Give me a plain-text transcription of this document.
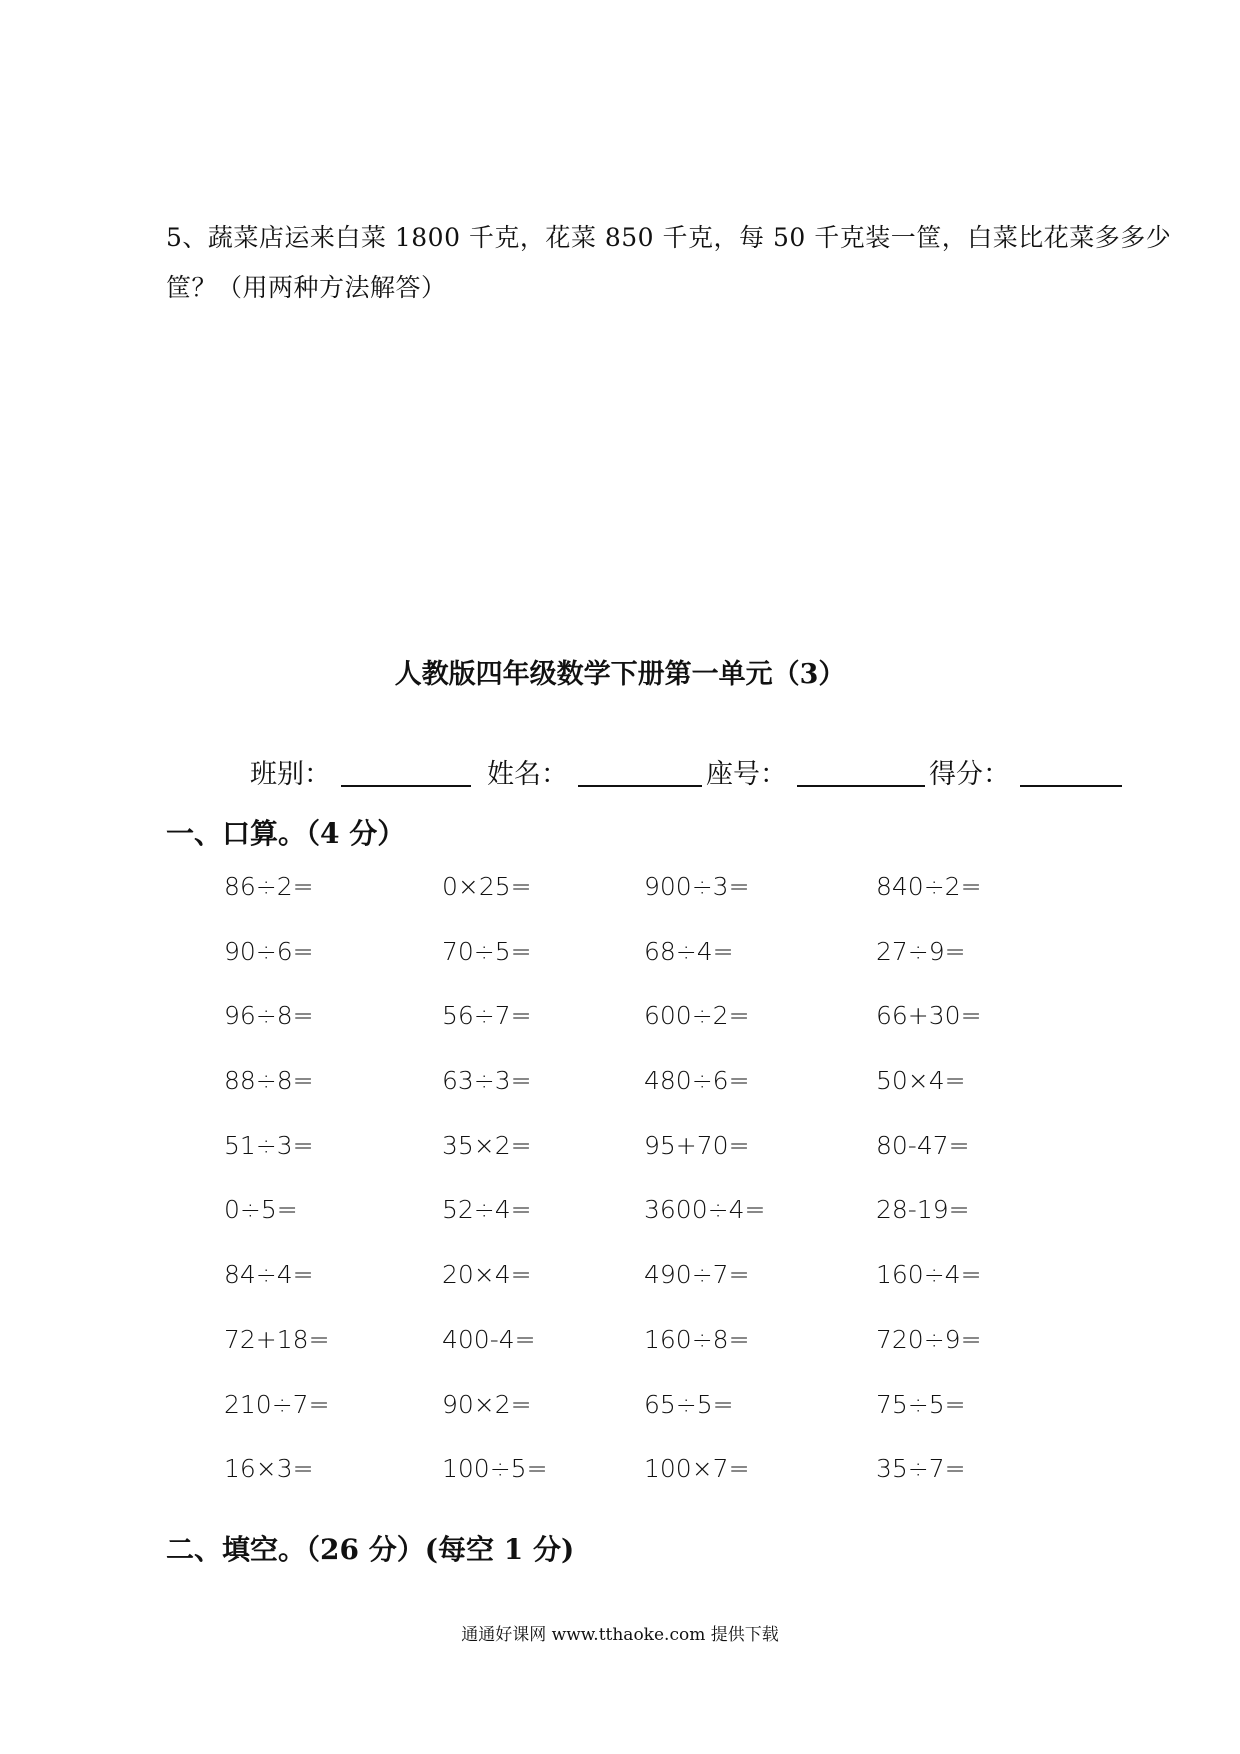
5、蔬菜店运来白菜 1800 千克，花菜 850 千克，每 50 千克装一筐，白菜比花菜多多少
筐？（用两种方法解答）
人教版四年级数学下册第一单元（3）
班别：	姓名：	座号：	得分：
一、口算。（4 分）
86÷2=	0×25=	900÷3=	840÷2=
90÷6=	70÷5=	68÷4=	27÷9=
96÷8=	56÷7=	600÷2=	66+30=
88÷8=	63÷3=	480÷6=	50×4=
51÷3=	35×2=	95+70=	80-47=
0÷5=	52÷4=	3600÷4=	28-19=
84÷4=	20×4=	490÷7=	160÷4=
72+18=	400-4=	160÷8=	720÷9=
210÷7=	90×2=	65÷5=	75÷5=
16×3=	100÷5=	100×7=	35÷7=
二、填空。（26 分）(每空 1 分)
通通好课网 www.tthaoke.com 提供下载
